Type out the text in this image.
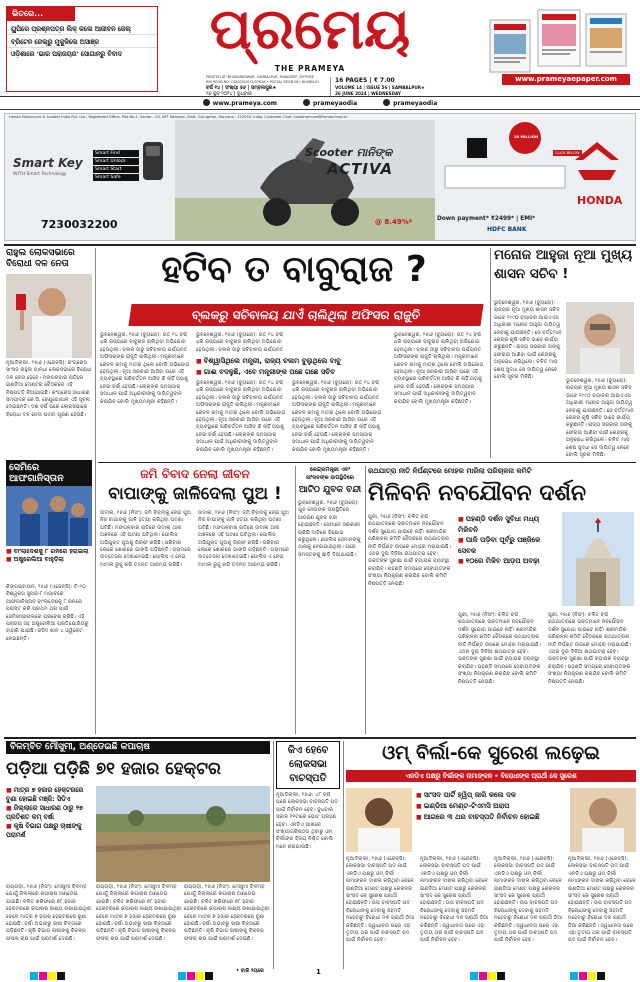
ଭିତରେ...
ୟୁପିରେ ପ୍ରଶ୍ନପତ୍ର ଲିକ୍ କଲେ ଆଜୀବନ ଜେଲ୍
ବ୍ରିଟେନ ଜେଲ୍ରୁ ମୁକୁଳିଲେ ଅସାଞ୍ଜ
ଓଡ଼ିଶାରେ 'ଭାର ପରାଜୟର' ସୋଗାନରୁ ବିବାଦ	ପ୍ରମେୟ
THE PRAMEYA
PRINTED AT: BHUBANESWAR, SAMBALPUR, PARADEEP, JEYPORE
RNI REGD NO: ODIODI/2011/37616 • POSTAL REGD NO: BHUBN-01
ବର୍ଷ ୧୪ | ସଂଖ୍ୟା ୫୬ | ସମ୍ବଲପୁର★
୨୬ ଜୁନ ୨୦୨୪ | ବୁଧବାର
16 PAGES | ₹ 7.00
VOLUME 14 | ISSUE 56 | SAMBALPUR★
26 JUNE 2024 | WEDNESDAY
www.prameyaepaper.com
www.prameya.com	prameyaodia	prameyaodia
Honda Motorcycle & Scooter India Pvt. Ltd., Registered Office: Plot No.1, Sector - 03, IMT Manesar, Distt. Gurugram, Haryana - 122050, India, Customer Care: customercare@honda.hmsi.in
Smart Key
WITH Smart Technology
Smart Find
Smart Unlock
Smart Start
Smart Safe
7230032200
Scooter ମାନିଙ୍କ
ACTIVA
Down payment* ₹2499* | EMI*
@ 8.49%*
HDFC BANK
16 MILLION
CLICK BELOW
HONDA
ରାହୁଲ ଲୋକସଭାରେ ବିରୋଧୀ ଦଳ ନେତା
ନୂଆଦିଲ୍ଲୀ, ୨୫ା୬ (ଏଜେନ୍ସି): କଂଗ୍ରେସ ସାଂସଦ ରାହୁଲ ଗାନ୍ଧୀ ଲୋକସଭାରେ ବିରୋଧୀ ଦଳ ନେତା ହେବେ। ମଙ୍ଗଳବାର ରାତିରେ ଇଣ୍ଡିଆ ମେଣ୍ଟର ବୈଠକରେ ଏହି ନିଷ୍ପତ୍ତି ନିଆଯାଇଛି। କଂଗ୍ରେସ ସାଧାରଣ ସମ୍ପାଦକ କେ.ସି. ବେଣୁଗୋପାଳ ଏହି ସୂଚନା ଦେଇଛନ୍ତି। ଦଶ ବର୍ଷ ପରେ ଲୋକସଭାରେ ବିରୋଧୀ ଦଳ ନେତା ପଦବୀ ପୂରଣ ହେଉଛି।
ସେମିରେ ଆଫଗାନିସ୍ତାନ
■ ବାଂଲାଦେଶକୁ ୮ ରନରେ ହରାଇଲା
■ ଅଷ୍ଟ୍ରେଲିଆ ବାହୁଡ଼ିଲା
କିଙ୍ଗଷ୍ଟାଉନ, ୨୫ା୬ (ଏଜେନ୍ସି): ଟି-୨୦ ବିଶ୍ୱକପ ସୁପର-୮ ମ୍ୟାଚରେ ଆଫଗାନିସ୍ତାନ ବାଂଲାଦେଶକୁ ୮ ରନରେ ପରାସ୍ତ କରି ପ୍ରଥମ ଥର ପାଇଁ ସେମିଫାଇନାଲରେ ପ୍ରବେଶ କରିଛି। ଏହି ପରାଜୟ ସହ ଅଷ୍ଟ୍ରେଲିଆ ପ୍ରତିଯୋଗିତାରୁ ବାହାରି ଯାଇଛି। ରସିଦ ଖାନ ୪ ଓ୍ୱିକେଟ ନେଇଛନ୍ତି।
ହଟିବ ତ ବାବୁରାଜ ?
ବ୍ଲକରୁ ସଚିବାଳୟ ଯାଏଁ ଚାଲିଥିଲା ଅଫିସର ରାଜୁତି
ଭୁବନେଶ୍ୱର, ୨୫ା୬ (ବ୍ୟୁରୋ): ଗତ ୨୪ ବର୍ଷ ଧରି ରାଜ୍ୟରେ ବାବୁରାଜ ଚାଲିଥିବା ଅଭିଯୋଗ ହେଉଥିଲା। ବ୍ଲକ ଠାରୁ ସଚିବାଳୟ ପର୍ଯ୍ୟନ୍ତ ଅଫିସରଙ୍କ ରାଜୁତି ଚାଲିଥିଲା। ମନ୍ତ୍ରୀମାନେ କେବଳ ନାମକୁ ମାତ୍ର ଥିଲେ ବୋଲି ଅଭିଯୋଗ ହେଉଥିଲା। ନୂଆ ସରକାର ଆସିବା ପରେ ଏହି ବ୍ୟବସ୍ଥାରେ ପରିବର୍ତ୍ତନ ଆସିବ କି ନାହିଁ ତାହାକୁ ନେଇ ଚର୍ଚ୍ଚା ହେଉଛି। ଲୋକଙ୍କ ସମସ୍ୟାର ସମାଧାନ ପାଇଁ ଅଧିକାରୀଙ୍କୁ ଦାୟିତ୍ୱବାନ କରାଯିବ ବୋଲି ମୁଖ୍ୟମନ୍ତ୍ରୀ କହିଛନ୍ତି।
ଭୁବନେଶ୍ୱର, ୨୫ା୬ (ବ୍ୟୁରୋ): ଗତ ୨୪ ବର୍ଷ ଧରି ରାଜ୍ୟରେ ବାବୁରାଜ ଚାଲିଥିବା ଅଭିଯୋଗ ହେଉଥିଲା। ବ୍ଲକ ଠାରୁ ସଚିବାଳୟ ପର୍ଯ୍ୟନ୍ତ
■ ବିଶ୍ୱାସିଥିଲେ ମନ୍ତ୍ରୀ, ରାଜ୍ୟ ଚଳାମ ବୁଲୁଥିଲେ ବାବୁ
■ ଗାଈ ବଦଳୁଛି, ଏବେ ମନ୍ତ୍ରୀଙ୍କ ପଛେ ଗଛେ ସଚିବ
ଭୁବନେଶ୍ୱର, ୨୫ା୬ (ବ୍ୟୁରୋ): ଗତ ୨୪ ବର୍ଷ ଧରି ରାଜ୍ୟରେ ବାବୁରାଜ ଚାଲିଥିବା ଅଭିଯୋଗ ହେଉଥିଲା। ବ୍ଲକ ଠାରୁ ସଚିବାଳୟ ପର୍ଯ୍ୟନ୍ତ ଅଫିସରଙ୍କ ରାଜୁତି ଚାଲିଥିଲା। ମନ୍ତ୍ରୀମାନେ କେବଳ ନାମକୁ ମାତ୍ର ଥିଲେ ବୋଲି ଅଭିଯୋଗ ହେଉଥିଲା। ନୂଆ ସରକାର ଆସିବା ପରେ ଏହି ବ୍ୟବସ୍ଥାରେ ପରିବର୍ତ୍ତନ ଆସିବ କି ନାହିଁ ତାହାକୁ ନେଇ ଚର୍ଚ୍ଚା ହେଉଛି। ଲୋକଙ୍କ ସମସ୍ୟାର ସମାଧାନ ପାଇଁ ଅଧିକାରୀଙ୍କୁ ଦାୟିତ୍ୱବାନ କରାଯିବ ବୋଲି ମୁଖ୍ୟମନ୍ତ୍ରୀ କହିଛନ୍ତି।
ଭୁବନେଶ୍ୱର, ୨୫ା୬ (ବ୍ୟୁରୋ): ଗତ ୨୪ ବର୍ଷ ଧରି ରାଜ୍ୟରେ ବାବୁରାଜ ଚାଲିଥିବା ଅଭିଯୋଗ ହେଉଥିଲା। ବ୍ଲକ ଠାରୁ ସଚିବାଳୟ ପର୍ଯ୍ୟନ୍ତ ଅଫିସରଙ୍କ ରାଜୁତି ଚାଲିଥିଲା। ମନ୍ତ୍ରୀମାନେ କେବଳ ନାମକୁ ମାତ୍ର ଥିଲେ ବୋଲି ଅଭିଯୋଗ ହେଉଥିଲା। ନୂଆ ସରକାର ଆସିବା ପରେ ଏହି ବ୍ୟବସ୍ଥାରେ ପରିବର୍ତ୍ତନ ଆସିବ କି ନାହିଁ ତାହାକୁ ନେଇ ଚର୍ଚ୍ଚା ହେଉଛି। ଲୋକଙ୍କ ସମସ୍ୟାର ସମାଧାନ ପାଇଁ ଅଧିକାରୀଙ୍କୁ ଦାୟିତ୍ୱବାନ କରାଯିବ ବୋଲି ମୁଖ୍ୟମନ୍ତ୍ରୀ କହିଛନ୍ତି।
ଭୁବନେଶ୍ୱର, ୨୫ା୬ (ବ୍ୟୁରୋ): ଗତ ୨୪ ବର୍ଷ ଧରି ରାଜ୍ୟରେ ବାବୁରାଜ ଚାଲିଥିବା ଅଭିଯୋଗ ହେଉଥିଲା। ବ୍ଲକ ଠାରୁ ସଚିବାଳୟ ପର୍ଯ୍ୟନ୍ତ ଅଫିସରଙ୍କ ରାଜୁତି ଚାଲିଥିଲା। ମନ୍ତ୍ରୀମାନେ କେବଳ ନାମକୁ ମାତ୍ର ଥିଲେ ବୋଲି ଅଭିଯୋଗ ହେଉଥିଲା। ନୂଆ ସରକାର ଆସିବା ପରେ ଏହି ବ୍ୟବସ୍ଥାରେ ପରିବର୍ତ୍ତନ ଆସିବ କି ନାହିଁ ତାହାକୁ ନେଇ ଚର୍ଚ୍ଚା ହେଉଛି। ଲୋକଙ୍କ ସମସ୍ୟାର ସମାଧାନ ପାଇଁ ଅଧିକାରୀଙ୍କୁ ଦାୟିତ୍ୱବାନ କରାଯିବ ବୋଲି ମୁଖ୍ୟମନ୍ତ୍ରୀ କହିଛନ୍ତି।
ମନୋଜ ଆହୁଜା ନୂଆ ମୁଖ୍ୟ ଶାସନ ସଚିବ !
ଭୁବନେଶ୍ୱର, ୨୫ା୬ (ବ୍ୟୁରୋ): ରାଜ୍ୟର ନୂଆ ମୁଖ୍ୟ ଶାସନ ସଚିବ ଭାବେ ୧୯୯୦ ବ୍ୟାଚର ଆଇଏଏସ ଅଧିକାରୀ ମନୋଜ ଆହୁଜା ଦାୟିତ୍ୱ ନେବାକୁ ଯାଉଛନ୍ତି। ସେ ବର୍ତ୍ତମାନ କେନ୍ଦ୍ର କୃଷି ସଚିବ ଭାବେ କାର୍ଯ୍ୟ କରୁଛନ୍ତି। ରାଜ୍ୟ ସରକାର ତାଙ୍କୁ ଫେରାଇ ଆଣିବା ପାଇଁ କେନ୍ଦ୍ରକୁ ଅନୁରୋଧ କରିଥିଲେ। ଚଳିତ ମାସ ଶେଷ ସୁଦ୍ଧା ସେ ଦାୟିତ୍ୱ ନେବେ ବୋଲି ସୂଚନା ମିଳିଛି।
ଭୁବନେଶ୍ୱର, ୨୫ା୬ (ବ୍ୟୁରୋ): ରାଜ୍ୟର ନୂଆ ମୁଖ୍ୟ ଶାସନ ସଚିବ ଭାବେ ୧୯୯୦ ବ୍ୟାଚର ଆଇଏଏସ ଅଧିକାରୀ ମନୋଜ ଆହୁଜା ଦାୟିତ୍ୱ ନେବାକୁ ଯାଉଛନ୍ତି। ସେ ବର୍ତ୍ତମାନ କେନ୍ଦ୍ର କୃଷି ସଚିବ ଭାବେ କାର୍ଯ୍ୟ କରୁଛନ୍ତି। ରାଜ୍ୟ ସରକାର ତାଙ୍କୁ ଫେରାଇ ଆଣିବା ପାଇଁ କେନ୍ଦ୍ରକୁ ଅନୁରୋଧ କରିଥିଲେ। ଚଳିତ ମାସ ଶେଷ ସୁଦ୍ଧା ସେ ଦାୟିତ୍ୱ ନେବେ ବୋଲି ସୂଚନା ମିଳିଛି।
ଜମି ବିବାଦ ନେଲା ଜୀବନ
ବାପାଙ୍କୁ ଜାଳିଦେଲା ପୁଅ !
ଉଦାଳା, ୨୫ା୬ (ନିସଂ): ଜମି ବିବାଦକୁ ନେଇ ପୁଅ ନିଜ ବାପାଙ୍କୁ ଜାଳି ହତ୍ୟା କରିଥିବା ଘଟଣା ଘଟିଛି। ମଙ୍ଗଳବାର ରାତିରେ ଉଦାଳା ଥାନା ଅଞ୍ଚଳରେ ଏହି ଘଟଣା ଘଟିଥିଲା। ପୋଲିସ ଅଭିଯୁକ୍ତ ପୁଅକୁ ଗିରଫ କରିଛି। ପରିବାର ଲୋକେ ଶୋକରେ ଭାଙ୍ଗି ପଡ଼ିଛନ୍ତି। ଗ୍ରାମରେ ଉତ୍ତେଜନା ଦେଖାଦେଇଛି। ପୋଲିସ ଏ ନେଇ ମାମଲା ରୁଜୁ କରି ତଦନ୍ତ ଆରମ୍ଭ କରିଛି।
ଉଦାଳା, ୨୫ା୬ (ନିସଂ): ଜମି ବିବାଦକୁ ନେଇ ପୁଅ ନିଜ ବାପାଙ୍କୁ ଜାଳି ହତ୍ୟା କରିଥିବା ଘଟଣା ଘଟିଛି। ମଙ୍ଗଳବାର ରାତିରେ ଉଦାଳା ଥାନା ଅଞ୍ଚଳରେ ଏହି ଘଟଣା ଘଟିଥିଲା। ପୋଲିସ ଅଭିଯୁକ୍ତ ପୁଅକୁ ଗିରଫ କରିଛି। ପରିବାର ଲୋକେ ଶୋକରେ ଭାଙ୍ଗି ପଡ଼ିଛନ୍ତି। ଗ୍ରାମରେ ଉତ୍ତେଜନା ଦେଖାଦେଇଛି। ପୋଲିସ ଏ ନେଇ ମାମଲା ରୁଜୁ କରି ତଦନ୍ତ ଆରମ୍ଭ କରିଛି।
କେନ୍ଦ୍ରମନ୍ତ୍ରୀ ଏବଂ ସାଂସଦଙ୍କ ଉପସ୍ଥିତିରେ
ଆଟିଠ ଯୁବକ ବନ୍ଦୀ
ଭୁବନେଶ୍ୱର, ୨୫ା୬ (ବ୍ୟୁରୋ): ଯୁବ ନେତାଙ୍କ ଉପସ୍ଥିତିରେ ଆଠଜଣ ଯୁବକ ବନ୍ଦୀ ହୋଇଛନ୍ତି। ସେମାନେ ସରକାରୀ ଚାକିରି ଦାବିରେ ବିକ୍ଷୋଭ କରୁଥିଲେ। ପୋଲିସ ସେମାନଙ୍କୁ ଥାନାକୁ ନେଇଯାଇଥିଲା। ପରେ ସମସ୍ତଙ୍କୁ ଛାଡ଼ି ଦିଆଯାଇଛି।
ରଥଯାତ୍ରା ନୀତି ନିର୍ଘଣ୍ଟରେ ମୋହର ମାରିଲା ପରିଚାଳନା କମିଟି
ମିଳିବନି ନବଯୌବନ ଦର୍ଶନ
ପୁରୀ, ୨୫ା୬ (ନିସଂ): ଚଳିତ ବର୍ଷ ରଥଯାତ୍ରାରେ ଭକ୍ତମାନେ ନବଯୌବନ ଦର୍ଶନ ସୁଯୋଗ ପାଇବେ ନାହିଁ। ଶ୍ରୀମନ୍ଦିର ପରିଚାଳନା କମିଟି ବୈଠକରେ ରଥଯାତ୍ରାର ନୀତି ନିର୍ଘଣ୍ଟ ଉପରେ ମୋହର ମରାଯାଇଛି। ଏଥର ଦୁଇ ଦିନିଆ ରଥଯାତ୍ରା ହେବ। ଭକ୍ତଙ୍କ ସୁରକ୍ଷା ପାଇଁ ବ୍ୟାପକ ବ୍ୟବସ୍ଥା କରାଯିବ। ପହଣ୍ଡି ସମୟରେ ସେବାୟତଙ୍କ ସଂଖ୍ୟା ନିୟନ୍ତ୍ରଣ କରାଯିବ ବୋଲି କମିଟି ନିଷ୍ପତ୍ତି ନେଇଛି।
■ ପହଣ୍ଡି ଦର୍ଶନ ସୁବିଧା ମଧ୍ୟ ମିଳିବନି
■ ପାଳି ପଡ଼ିବା ପୂର୍ବରୁ ପଞ୍ଜିକେ ସେବକ
■ ୧୦ରେ ମିଳିବ ଆଡ଼ପ ଅବଢ଼ା
ପୁରୀ, ୨୫ା୬ (ନିସଂ): ଚଳିତ ବର୍ଷ ରଥଯାତ୍ରାରେ ଭକ୍ତମାନେ ନବଯୌବନ ଦର୍ଶନ ସୁଯୋଗ ପାଇବେ ନାହିଁ। ଶ୍ରୀମନ୍ଦିର ପରିଚାଳନା କମିଟି ବୈଠକରେ ରଥଯାତ୍ରାର ନୀତି ନିର୍ଘଣ୍ଟ ଉପରେ ମୋହର ମରାଯାଇଛି। ଏଥର ଦୁଇ ଦିନିଆ ରଥଯାତ୍ରା ହେବ। ଭକ୍ତଙ୍କ ସୁରକ୍ଷା ପାଇଁ ବ୍ୟାପକ ବ୍ୟବସ୍ଥା କରାଯିବ। ପହଣ୍ଡି ସମୟରେ ସେବାୟତଙ୍କ ସଂଖ୍ୟା ନିୟନ୍ତ୍ରଣ କରାଯିବ ବୋଲି କମିଟି ନିଷ୍ପତ୍ତି ନେଇଛି।
ପୁରୀ, ୨୫ା୬ (ନିସଂ): ଚଳିତ ବର୍ଷ ରଥଯାତ୍ରାରେ ଭକ୍ତମାନେ ନବଯୌବନ ଦର୍ଶନ ସୁଯୋଗ ପାଇବେ ନାହିଁ। ଶ୍ରୀମନ୍ଦିର ପରିଚାଳନା କମିଟି ବୈଠକରେ ରଥଯାତ୍ରାର ନୀତି ନିର୍ଘଣ୍ଟ ଉପରେ ମୋହର ମରାଯାଇଛି। ଏଥର ଦୁଇ ଦିନିଆ ରଥଯାତ୍ରା ହେବ। ଭକ୍ତଙ୍କ ସୁରକ୍ଷା ପାଇଁ ବ୍ୟାପକ ବ୍ୟବସ୍ଥା କରାଯିବ। ପହଣ୍ଡି ସମୟରେ ସେବାୟତଙ୍କ ସଂଖ୍ୟା ନିୟନ୍ତ୍ରଣ କରାଯିବ ବୋଲି କମିଟି ନିଷ୍ପତ୍ତି ନେଇଛି।
ବିଳମ୍ବିତ ମୌସୁମୀ, ଅଣ୍ଡେଇଛି କପାଚାଷ
ପଡ଼ିଆ ପଡ଼ିଛି ୭୧ ହଜାର ହେକ୍ଟର
■ ମାତ୍ର ୭ ହଜାର ହେକ୍ଟରରେ ବୁଣା ହୋଇଛି ମଞ୍ଜି: ସିଡିଏ
■ ଜିଲ୍ଲାରେ ସାଧାରଣ ଠାରୁ ୨୭ ପ୍ରତିଶତ କମ୍ ବର୍ଷା
■ କୃଷି ବିଭାଗ ପକ୍ଷରୁ ଚାଷୀଙ୍କୁ ପରାମର୍ଶ
ରାୟଗଡ଼ା, ୨୫ା୬ (ନିସଂ): ମୌସୁମୀ ବିଳମ୍ବ ଯୋଗୁଁ ଜିଲ୍ଲାରେ କପାଚାଷ ଅଣ୍ଡେଇ ଯାଇଛି। ଚଳିତ ଖରିଫରେ ୭୮ ହଜାର ହେକ୍ଟରରେ କପାଚାଷ ଲକ୍ଷ୍ୟ ରଖାଯାଇଥିବା ବେଳେ ମାତ୍ର ୭ ହଜାର ହେକ୍ଟରରେ ବୁଣା ହୋଇଛି। ବର୍ଷା ଅଭାବରୁ ଚାଷୀ ଚିନ୍ତାରେ ପଡ଼ିଛନ୍ତି। କୃଷି ବିଭାଗ ଚାଷୀଙ୍କୁ ବିକଳ୍ପ ଫସଲ ଚାଷ ପାଇଁ ପରାମର୍ଶ ଦେଇଛି।
ରାୟଗଡ଼ା, ୨୫ା୬ (ନିସଂ): ମୌସୁମୀ ବିଳମ୍ବ ଯୋଗୁଁ ଜିଲ୍ଲାରେ କପାଚାଷ ଅଣ୍ଡେଇ ଯାଇଛି। ଚଳିତ ଖରିଫରେ ୭୮ ହଜାର ହେକ୍ଟରରେ କପାଚାଷ ଲକ୍ଷ୍ୟ ରଖାଯାଇଥିବା ବେଳେ ମାତ୍ର ୭ ହଜାର ହେକ୍ଟରରେ ବୁଣା ହୋଇଛି। ବର୍ଷା ଅଭାବରୁ ଚାଷୀ ଚିନ୍ତାରେ ପଡ଼ିଛନ୍ତି। କୃଷି ବିଭାଗ ଚାଷୀଙ୍କୁ ବିକଳ୍ପ ଫସଲ ଚାଷ ପାଇଁ ପରାମର୍ଶ ଦେଇଛି।
ରାୟଗଡ଼ା, ୨୫ା୬ (ନିସଂ): ମୌସୁମୀ ବିଳମ୍ବ ଯୋଗୁଁ ଜିଲ୍ଲାରେ କପାଚାଷ ଅଣ୍ଡେଇ ଯାଇଛି। ଚଳିତ ଖରିଫରେ ୭୮ ହଜାର ହେକ୍ଟରରେ କପାଚାଷ ଲକ୍ଷ୍ୟ ରଖାଯାଇଥିବା ବେଳେ ମାତ୍ର ୭ ହଜାର ହେକ୍ଟରରେ ବୁଣା ହୋଇଛି। ବର୍ଷା ଅଭାବରୁ ଚାଷୀ ଚିନ୍ତାରେ ପଡ଼ିଛନ୍ତି। କୃଷି ବିଭାଗ ଚାଷୀଙ୍କୁ ବିକଳ୍ପ ଫସଲ ଚାଷ ପାଇଁ ପରାମର୍ଶ ଦେଇଛି।
କିଏ ହେବେ ଲୋକସଭା ବାଚସ୍ପତି
ନୂଆଦିଲ୍ଲୀ, ୨୫ା୬: ୪୮ ବର୍ଷ ପରେ ଲୋକସଭା ବାଚସ୍ପତି ପଦ ପାଇଁ ନିର୍ବାଚନ ହେବ। ବୁଧବାର ସକାଳ ୧୧ଟାରେ ଭୋଟ ଗ୍ରହଣ ହେବ। ଏନଡିଏ ପାଖରେ ସଂଖ୍ୟାଗରିଷ୍ଠତା ଥିବାରୁ ଓମ୍ ବିର୍ଲାଙ୍କ ବିଜୟ ନିଶ୍ଚିତ ବୋଲି ମନେ କରାଯାଉଛି।
ଓମ୍ ବିର୍ଲା-କେ ସୁରେଶ ଲଢ଼େଇ
ଏନଡିଏ ପକ୍ଷରୁ ବିର୍ଲାଙ୍କ ନାମାଙ୍କନ • ବିରୋଧୀଙ୍କ ପ୍ରାର୍ଥୀ କେ ସୁରେଶ
■ ସାଂସଦ ପାର୍ଟି ହ୍ୱିପ୍ ଜାରି କଲେ ଦଳ
■ ଇଣ୍ଡିଆ ମେଣ୍ଟ-ଟିଏମସି ଅରାପ
■ ଆଗରେ ୩ ଥର ବାଚସ୍ପତି ନିର୍ବାଚନ ହୋଇଛି
ନୂଆଦିଲ୍ଲୀ, ୨୫ା୬ (ଏଜେନ୍ସି): ଲୋକସଭା ବାଚସ୍ପତି ପଦ ପାଇଁ ଏନଡିଏ ପକ୍ଷରୁ ଓମ୍ ବିର୍ଲା ନାମାଙ୍କନ ଦାଖଲ କରିଥିବା ବେଳେ ଇଣ୍ଡିଆ ମେଣ୍ଟ ପକ୍ଷରୁ କେରଳର ସାଂସଦ କେ ସୁରେଶ ପ୍ରାର୍ଥୀ ହୋଇଛନ୍ତି। ଉପ ବାଚସ୍ପତି ପଦ ବିରୋଧୀଙ୍କୁ ଦେବାକୁ ସହମତି ନହେବାରୁ ବିରୋଧୀ ଦଳ ପ୍ରାର୍ଥୀ ଠିଆ କରିଛନ୍ତି। ସ୍ୱାଧୀନତା ପରେ ଏହା ତୃତୀୟ ଥର ପାଇଁ ବାଚସ୍ପତି ପଦ ପାଇଁ ନିର୍ବାଚନ ହେବ।
ନୂଆଦିଲ୍ଲୀ, ୨୫ା୬ (ଏଜେନ୍ସି): ଲୋକସଭା ବାଚସ୍ପତି ପଦ ପାଇଁ ଏନଡିଏ ପକ୍ଷରୁ ଓମ୍ ବିର୍ଲା ନାମାଙ୍କନ ଦାଖଲ କରିଥିବା ବେଳେ ଇଣ୍ଡିଆ ମେଣ୍ଟ ପକ୍ଷରୁ କେରଳର ସାଂସଦ କେ ସୁରେଶ ପ୍ରାର୍ଥୀ ହୋଇଛନ୍ତି। ଉପ ବାଚସ୍ପତି ପଦ ବିରୋଧୀଙ୍କୁ ଦେବାକୁ ସହମତି ନହେବାରୁ ବିରୋଧୀ ଦଳ ପ୍ରାର୍ଥୀ ଠିଆ କରିଛନ୍ତି। ସ୍ୱାଧୀନତା ପରେ ଏହା ତୃତୀୟ ଥର ପାଇଁ ବାଚସ୍ପତି ପଦ ପାଇଁ ନିର୍ବାଚନ ହେବ।
ନୂଆଦିଲ୍ଲୀ, ୨୫ା୬ (ଏଜେନ୍ସି): ଲୋକସଭା ବାଚସ୍ପତି ପଦ ପାଇଁ ଏନଡିଏ ପକ୍ଷରୁ ଓମ୍ ବିର୍ଲା ନାମାଙ୍କନ ଦାଖଲ କରିଥିବା ବେଳେ ଇଣ୍ଡିଆ ମେଣ୍ଟ ପକ୍ଷରୁ କେରଳର ସାଂସଦ କେ ସୁରେଶ ପ୍ରାର୍ଥୀ ହୋଇଛନ୍ତି। ଉପ ବାଚସ୍ପତି ପଦ ବିରୋଧୀଙ୍କୁ ଦେବାକୁ ସହମତି ନହେବାରୁ ବିରୋଧୀ ଦଳ ପ୍ରାର୍ଥୀ ଠିଆ କରିଛନ୍ତି। ସ୍ୱାଧୀନତା ପରେ ଏହା ତୃତୀୟ ଥର ପାଇଁ ବାଚସ୍ପତି ପଦ ପାଇଁ ନିର୍ବାଚନ ହେବ।
ନୂଆଦିଲ୍ଲୀ, ୨୫ା୬ (ଏଜେନ୍ସି): ଲୋକସଭା ବାଚସ୍ପତି ପଦ ପାଇଁ ଏନଡିଏ ପକ୍ଷରୁ ଓମ୍ ବିର୍ଲା ନାମାଙ୍କନ ଦାଖଲ କରିଥିବା ବେଳେ ଇଣ୍ଡିଆ ମେଣ୍ଟ ପକ୍ଷରୁ କେରଳର ସାଂସଦ କେ ସୁରେଶ ପ୍ରାର୍ଥୀ ହୋଇଛନ୍ତି। ଉପ ବାଚସ୍ପତି ପଦ ବିରୋଧୀଙ୍କୁ ଦେବାକୁ ସହମତି ନହେବାରୁ ବିରୋଧୀ ଦଳ ପ୍ରାର୍ଥୀ ଠିଆ କରିଛନ୍ତି। ସ୍ୱାଧୀନତା ପରେ ଏହା ତୃତୀୟ ଥର ପାଇଁ ବାଚସ୍ପତି ପଦ ପାଇଁ ନିର୍ବାଚନ ହେବ।
• ବାକି ୨ୟରେ	1
